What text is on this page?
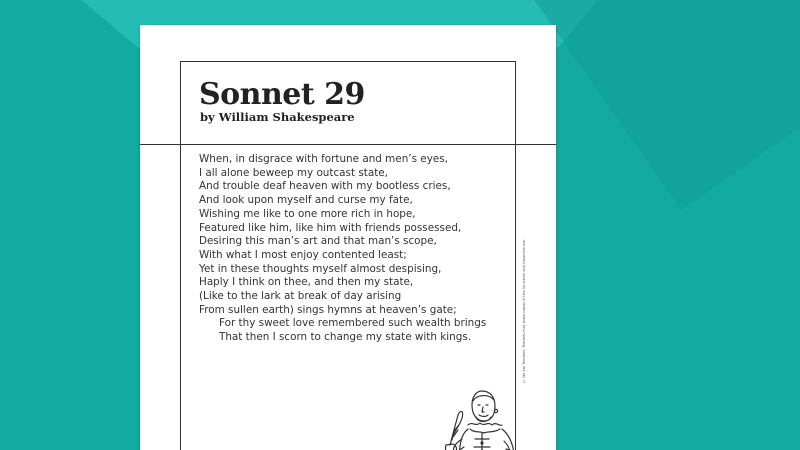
Sonnet 29

by William Shakespeare

When, in disgrace with fortune and men’s eyes,
I all alone beweep my outcast state,
And trouble deaf heaven with my bootless cries,
And look upon myself and curse my fate,
Wishing me like to one more rich in hope,
Featured like him, like him with friends possessed,
Desiring this man’s art and that man’s scope,
With what I most enjoy contented least;
Yet in these thoughts myself almost despising,
Haply I think on thee, and then my state,
(Like to the lark at break of day arising
From sullen earth) sings hymns at heaven’s gate;
For thy sweet love remembered such wealth brings
That then I scorn to change my state with kings.	© We Are Teachers. Teachers may make copies of this for school and classroom use.
